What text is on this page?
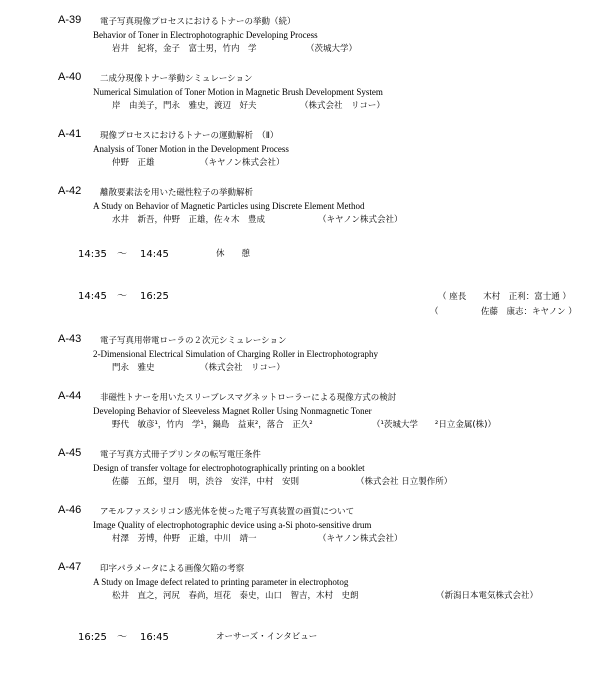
A-39 電子写真現像プロセスにおけるトナーの挙動（続）
Behavior of Toner in Electrophotographic Developing Process
岩井　紀将，金子　富士男，竹内　学	（茨城大学）
A-40 二成分現像トナー挙動シミュレーション
Numerical Simulation of Toner Motion in Magnetic Brush Development System
岸　由美子，門永　雅史，渡辺　好夫	（株式会社　リコー）
A-41 現像プロセスにおけるトナーの運動解析　（Ⅱ）
Analysis of Toner Motion in the Development Process
仲野　正雄	（キヤノン株式会社）
A-42 離散要素法を用いた磁性粒子の挙動解析
A Study on Behavior of Magnetic Particles using Discrete Element Method
水井　新吾，仲野　正雄，佐々木　豊成	（キヤノン株式会社）
14:35 ～ 14:45	休　　憩
14:45 ～ 16:25	（ 座長　　木村　正利：富士通 ）
（　　　　　佐藤　康志：キヤノン ）
A-43 電子写真用帯電ローラの２次元シミュレーション
2-Dimensional Electrical Simulation of Charging Roller in Electrophotography
門永　雅史	（株式会社　リコー）
A-44 非磁性トナーを用いたスリーブレスマグネットローラーによる現像方式の検討
Developing Behavior of Sleeveless Magnet Roller Using Nonmagnetic Toner
野代　敏彦¹，竹内　学¹，鍋島　益東²，落合　正久²	（¹茨城大学　　²日立金属(株)）
A-45 電子写真方式冊子プリンタの転写電圧条件
Design of transfer voltage for electrophotographically printing on a booklet
佐藤　五郎，望月　明，渋谷　安洋，中村　安則	（株式会社 日立製作所）
A-46 アモルファスシリコン感光体を使った電子写真装置の画質について
Image Quality of electrophotographic device using a-Si photo-sensitive drum
村澤　芳博，仲野　正雄，中川　靖一	（キヤノン株式会社）
A-47 印字パラメータによる画像欠陥の考察
A Study on Image defect related to printing parameter in electrophotog
松井　直之，河尻　春尚，垣花　泰史，山口　智吉，木村　史朗	（新潟日本電気株式会社）
16:25 ～ 16:45	オーサーズ・インタビュー
